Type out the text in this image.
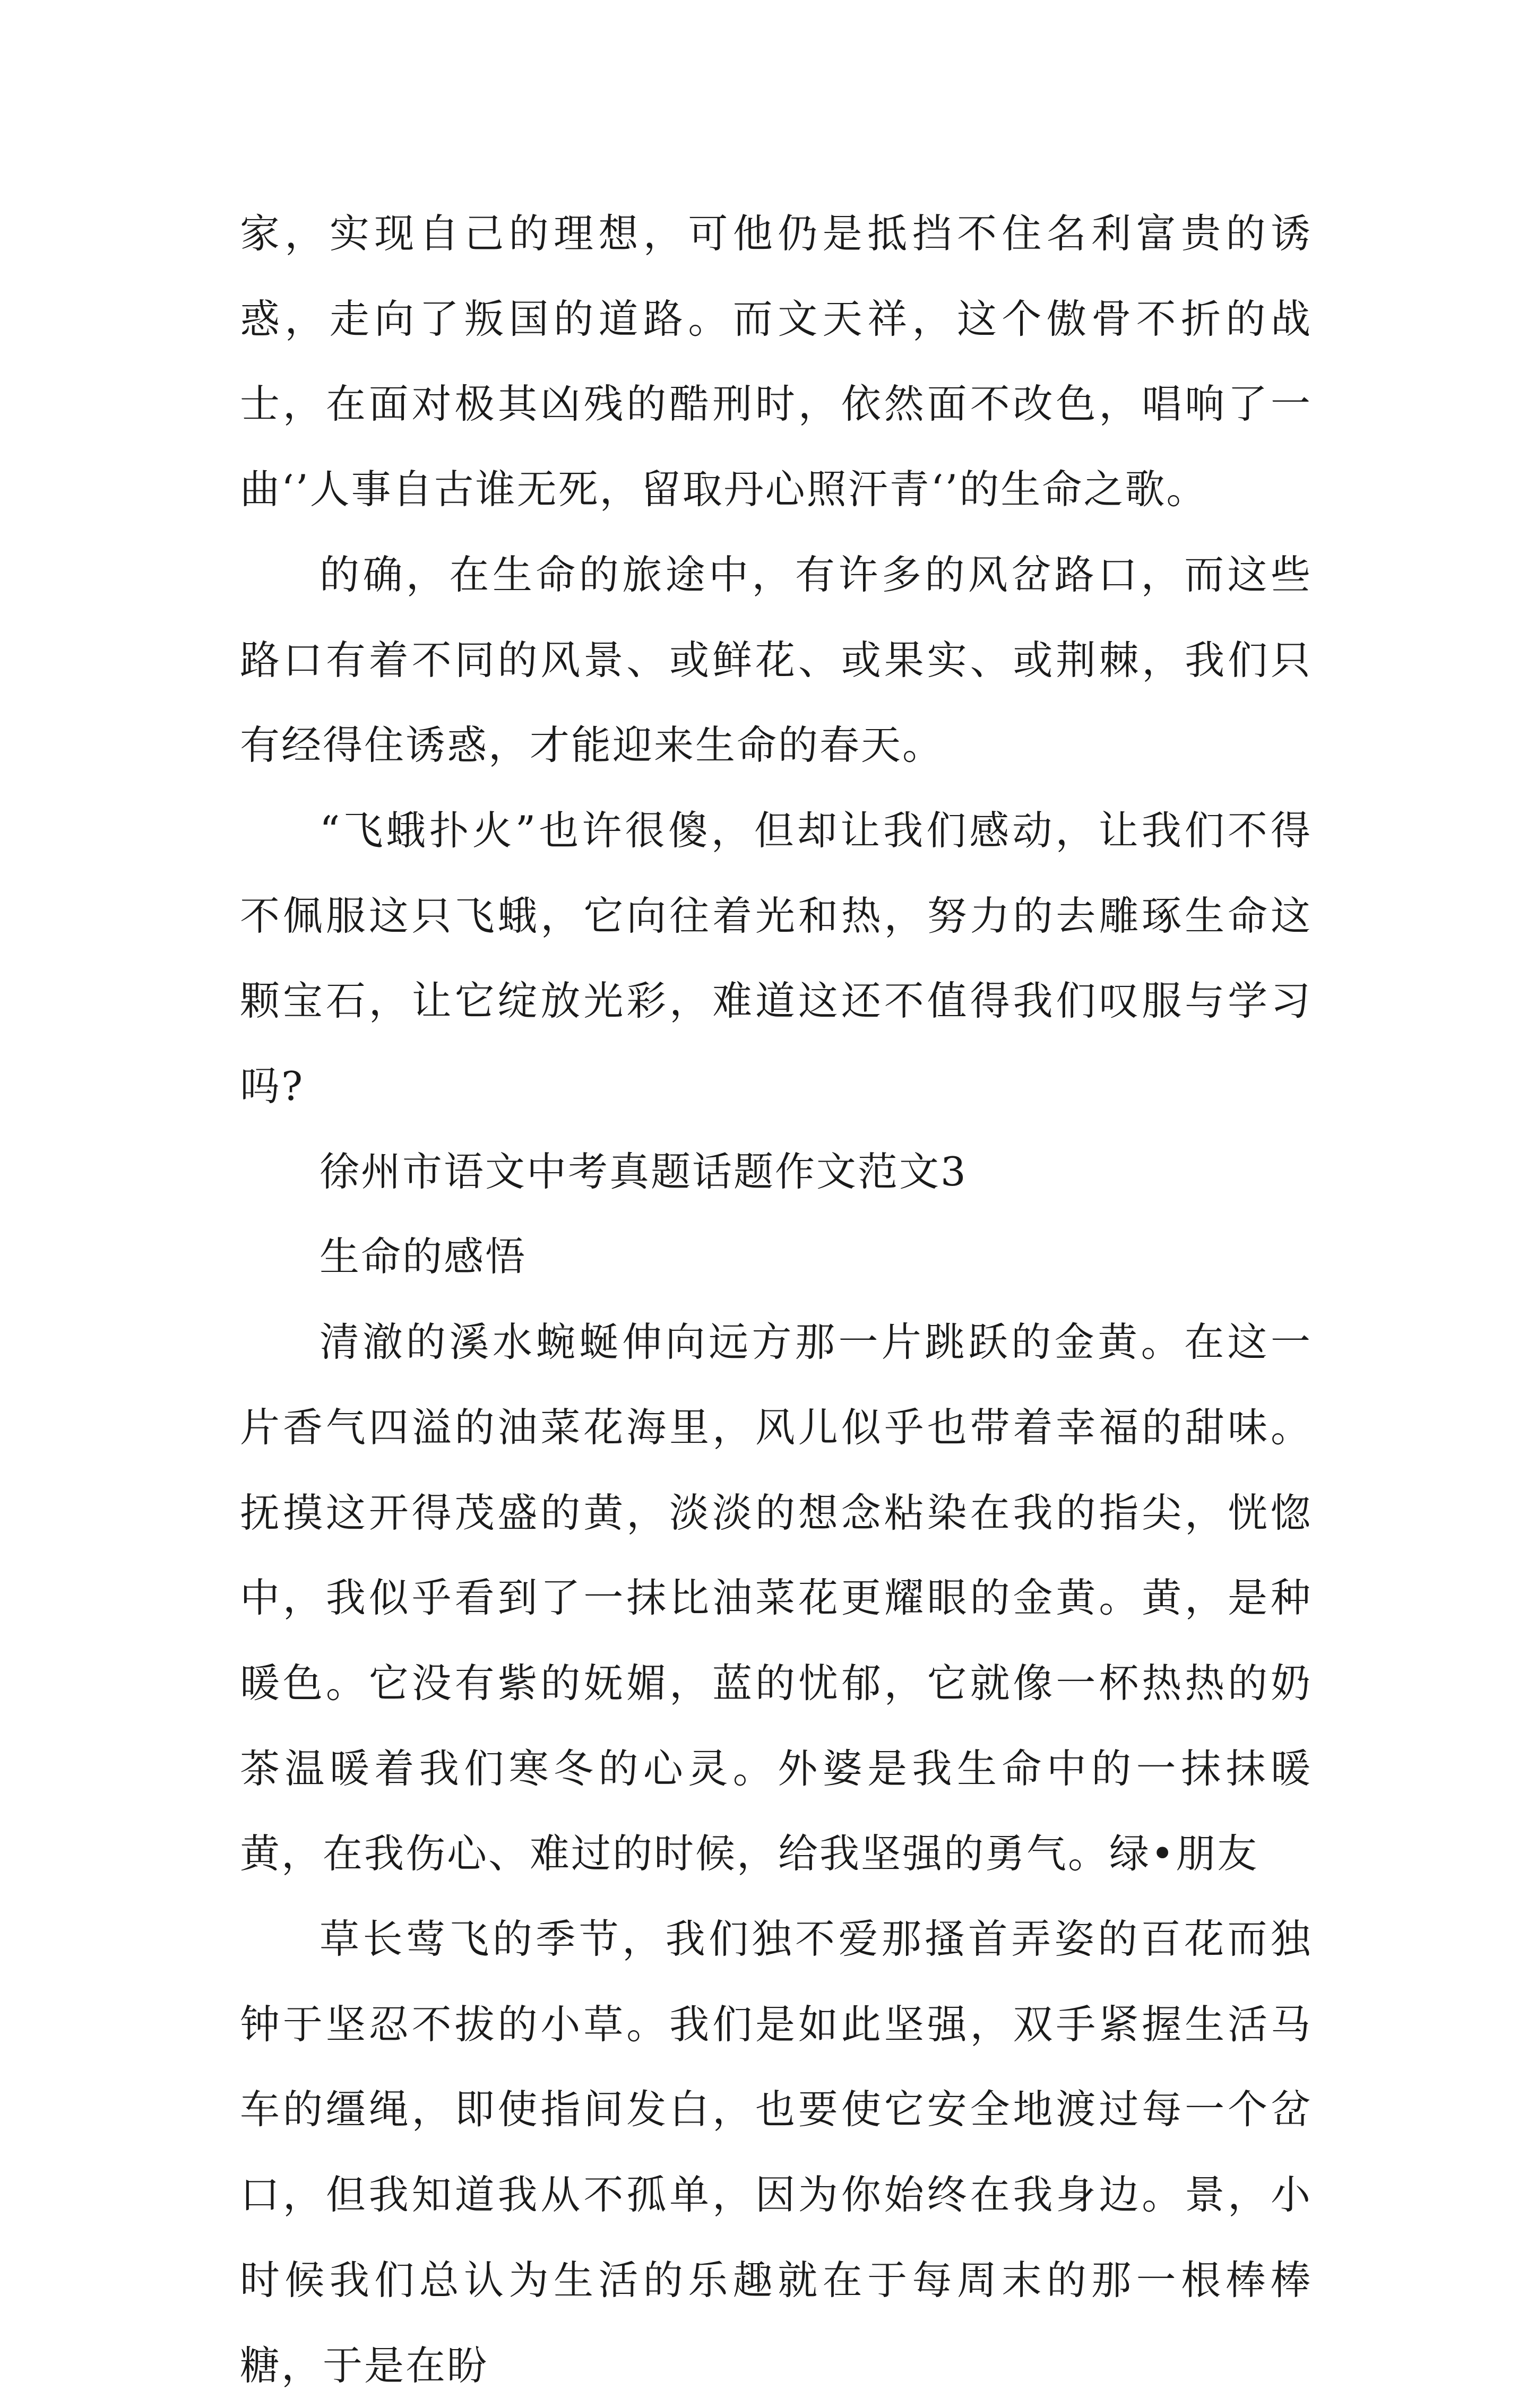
家，实现自己的理想，可他仍是抵挡不住名利富贵的诱惑，走向了叛国的道路。而文天祥，这个傲骨不折的战士，在面对极其凶残的酷刑时，依然面不改色，唱响了一曲‘’人事自古谁无死，留取丹心照汗青‘’的生命之歌。

的确，在生命的旅途中，有许多的风岔路口，而这些路口有着不同的风景、或鲜花、或果实、或荆棘，我们只有经得住诱惑，才能迎来生命的春天。

“飞蛾扑火”也许很傻，但却让我们感动，让我们不得不佩服这只飞蛾，它向往着光和热，努力的去雕琢生命这颗宝石，让它绽放光彩，难道这还不值得我们叹服与学习吗?

徐州市语文中考真题话题作文范文3

生命的感悟

清澈的溪水蜿蜒伸向远方那一片跳跃的金黄。在这一片香气四溢的油菜花海里，风儿似乎也带着幸福的甜味。抚摸这开得茂盛的黄，淡淡的想念粘染在我的指尖，恍惚中，我似乎看到了一抹比油菜花更耀眼的金黄。黄，是种暖色。它没有紫的妩媚，蓝的忧郁，它就像一杯热热的奶茶温暖着我们寒冬的心灵。外婆是我生命中的一抹抹暖黄，在我伤心、难过的时候，给我坚强的勇气。绿•朋友

草长莺飞的季节，我们独不爱那搔首弄姿的百花而独钟于坚忍不拔的小草。我们是如此坚强，双手紧握生活马车的缰绳，即使指间发白，也要使它安全地渡过每一个岔口，但我知道我从不孤单，因为你始终在我身边。景，小时候我们总认为生活的乐趣就在于每周末的那一根棒棒糖，于是在盼
